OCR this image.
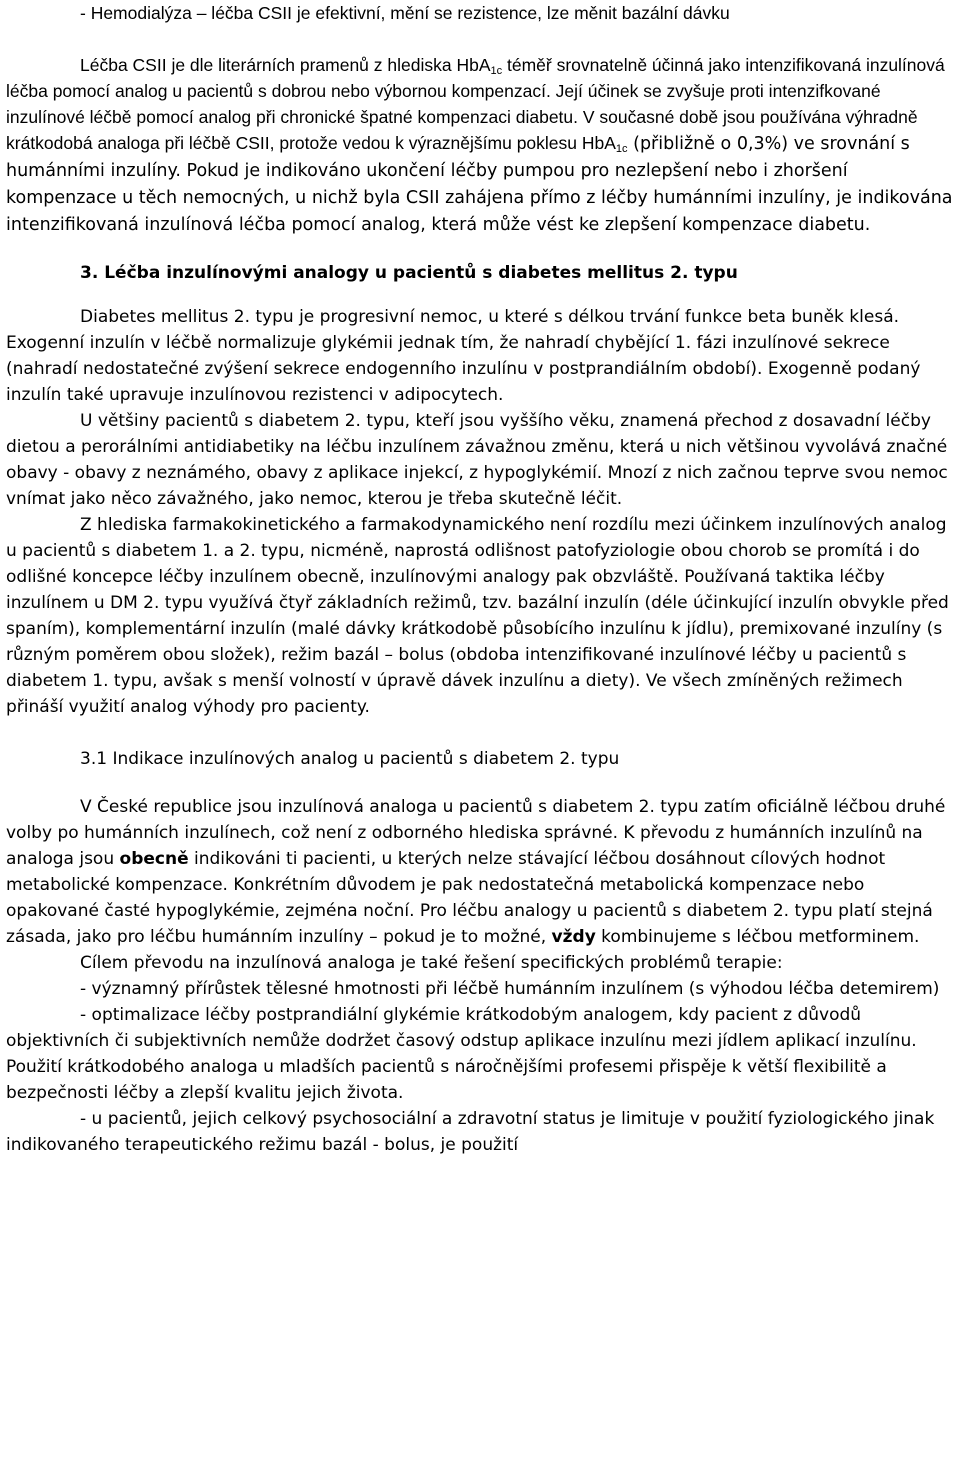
- Hemodialýza – léčba CSII je efektivní, mění se rezistence, lze měnit bazální dávku

Léčba CSII je dle literárních pramenů z hlediska HbA$_{1c}$ téměř srovnatelně účinná jako intenzifikovaná inzulínová léčba pomocí analog u pacientů s dobrou nebo výbornou kompenzací. Její účinek se zvyšuje proti intenzifkované inzulínové léčbě pomocí analog při chronické špatné kompenzaci diabetu. V současné době jsou používána výhradně krátkodobá analoga při léčbě CSII, protože vedou k výraznějšímu poklesu HbA$_{1c}$ (přibližně o 0,3%) ve srovnání s humánními inzulíny. Pokud je indikováno ukončení léčby pumpou pro nezlepšení nebo i zhoršení kompenzace u těch nemocných, u nichž byla CSII zahájena přímo z léčby humánními inzulíny, je indikována intenzifikovaná inzulínová léčba pomocí analog, která může vést ke zlepšení kompenzace diabetu.

3. Léčba inzulínovými analogy u pacientů s diabetes mellitus 2. typu

Diabetes mellitus 2. typu je progresivní nemoc, u které s délkou trvání funkce beta buněk klesá. Exogenní inzulín v léčbě normalizuje glykémii jednak tím, že nahradí chybějící 1. fázi inzulínové sekrece (nahradí nedostatečné zvýšení sekrece endogenního inzulínu v postprandiálním období). Exogenně podaný inzulín také upravuje inzulínovou rezistenci v adipocytech.

U většiny pacientů s diabetem 2. typu, kteří jsou vyššího věku, znamená přechod z dosavadní léčby dietou a perorálními antidiabetiky na léčbu inzulínem závažnou změnu, která u nich většinou vyvolává značné obavy - obavy z neznámého, obavy z aplikace injekcí, z hypoglykémií. Mnozí z nich začnou teprve svou nemoc vnímat jako něco závažného, jako nemoc, kterou je třeba skutečně léčit.

Z hlediska farmakokinetického a farmakodynamického není rozdílu mezi účinkem inzulínových analog u pacientů s diabetem 1. a 2. typu, nicméně, naprostá odlišnost patofyziologie obou chorob se promítá i do odlišné koncepce léčby inzulínem obecně, inzulínovými analogy pak obzvláště. Používaná taktika léčby inzulínem u DM 2. typu využívá čtyř základních režimů, tzv. bazální inzulín (déle účinkující inzulín obvykle před spaním), komplementární inzulín (malé dávky krátkodobě působícího inzulínu k jídlu), premixované inzulíny (s různým poměrem obou složek), režim bazál – bolus (obdoba intenzifikované inzulínové léčby u pacientů s diabetem 1. typu, avšak s menší volností v úpravě dávek inzulínu a diety). Ve všech zmíněných režimech přináší využití analog výhody pro pacienty.

3.1 Indikace inzulínových analog u pacientů s diabetem 2. typu

V České republice jsou inzulínová analoga u pacientů s diabetem 2. typu zatím oficiálně léčbou druhé volby po humánních inzulínech, což není z odborného hlediska správné. K převodu z humánních inzulínů na analoga jsou obecně indikováni ti pacienti, u kterých nelze stávající léčbou dosáhnout cílových hodnot metabolické kompenzace. Konkrétním důvodem je pak nedostatečná metabolická kompenzace nebo opakované časté hypoglykémie, zejména noční. Pro léčbu analogy u pacientů s diabetem 2. typu platí stejná zásada, jako pro léčbu humánním inzulíny – pokud je to možné, vždy kombinujeme s léčbou metforminem.

Cílem převodu na inzulínová analoga je také řešení specifických problémů terapie:

- významný přírůstek tělesné hmotnosti při léčbě humánním inzulínem (s výhodou léčba detemirem)

- optimalizace léčby postprandiální glykémie krátkodobým analogem, kdy pacient z důvodů objektivních či subjektivních nemůže dodržet časový odstup aplikace inzulínu mezi jídlem aplikací inzulínu. Použití krátkodobého analoga u mladších pacientů s náročnějšími profesemi přispěje k větší flexibilitě a bezpečnosti léčby a zlepší kvalitu jejich života.

- u pacientů, jejich celkový psychosociální a zdravotní status je limituje v použití fyziologického jinak indikovaného terapeutického režimu bazál - bolus, je použití
